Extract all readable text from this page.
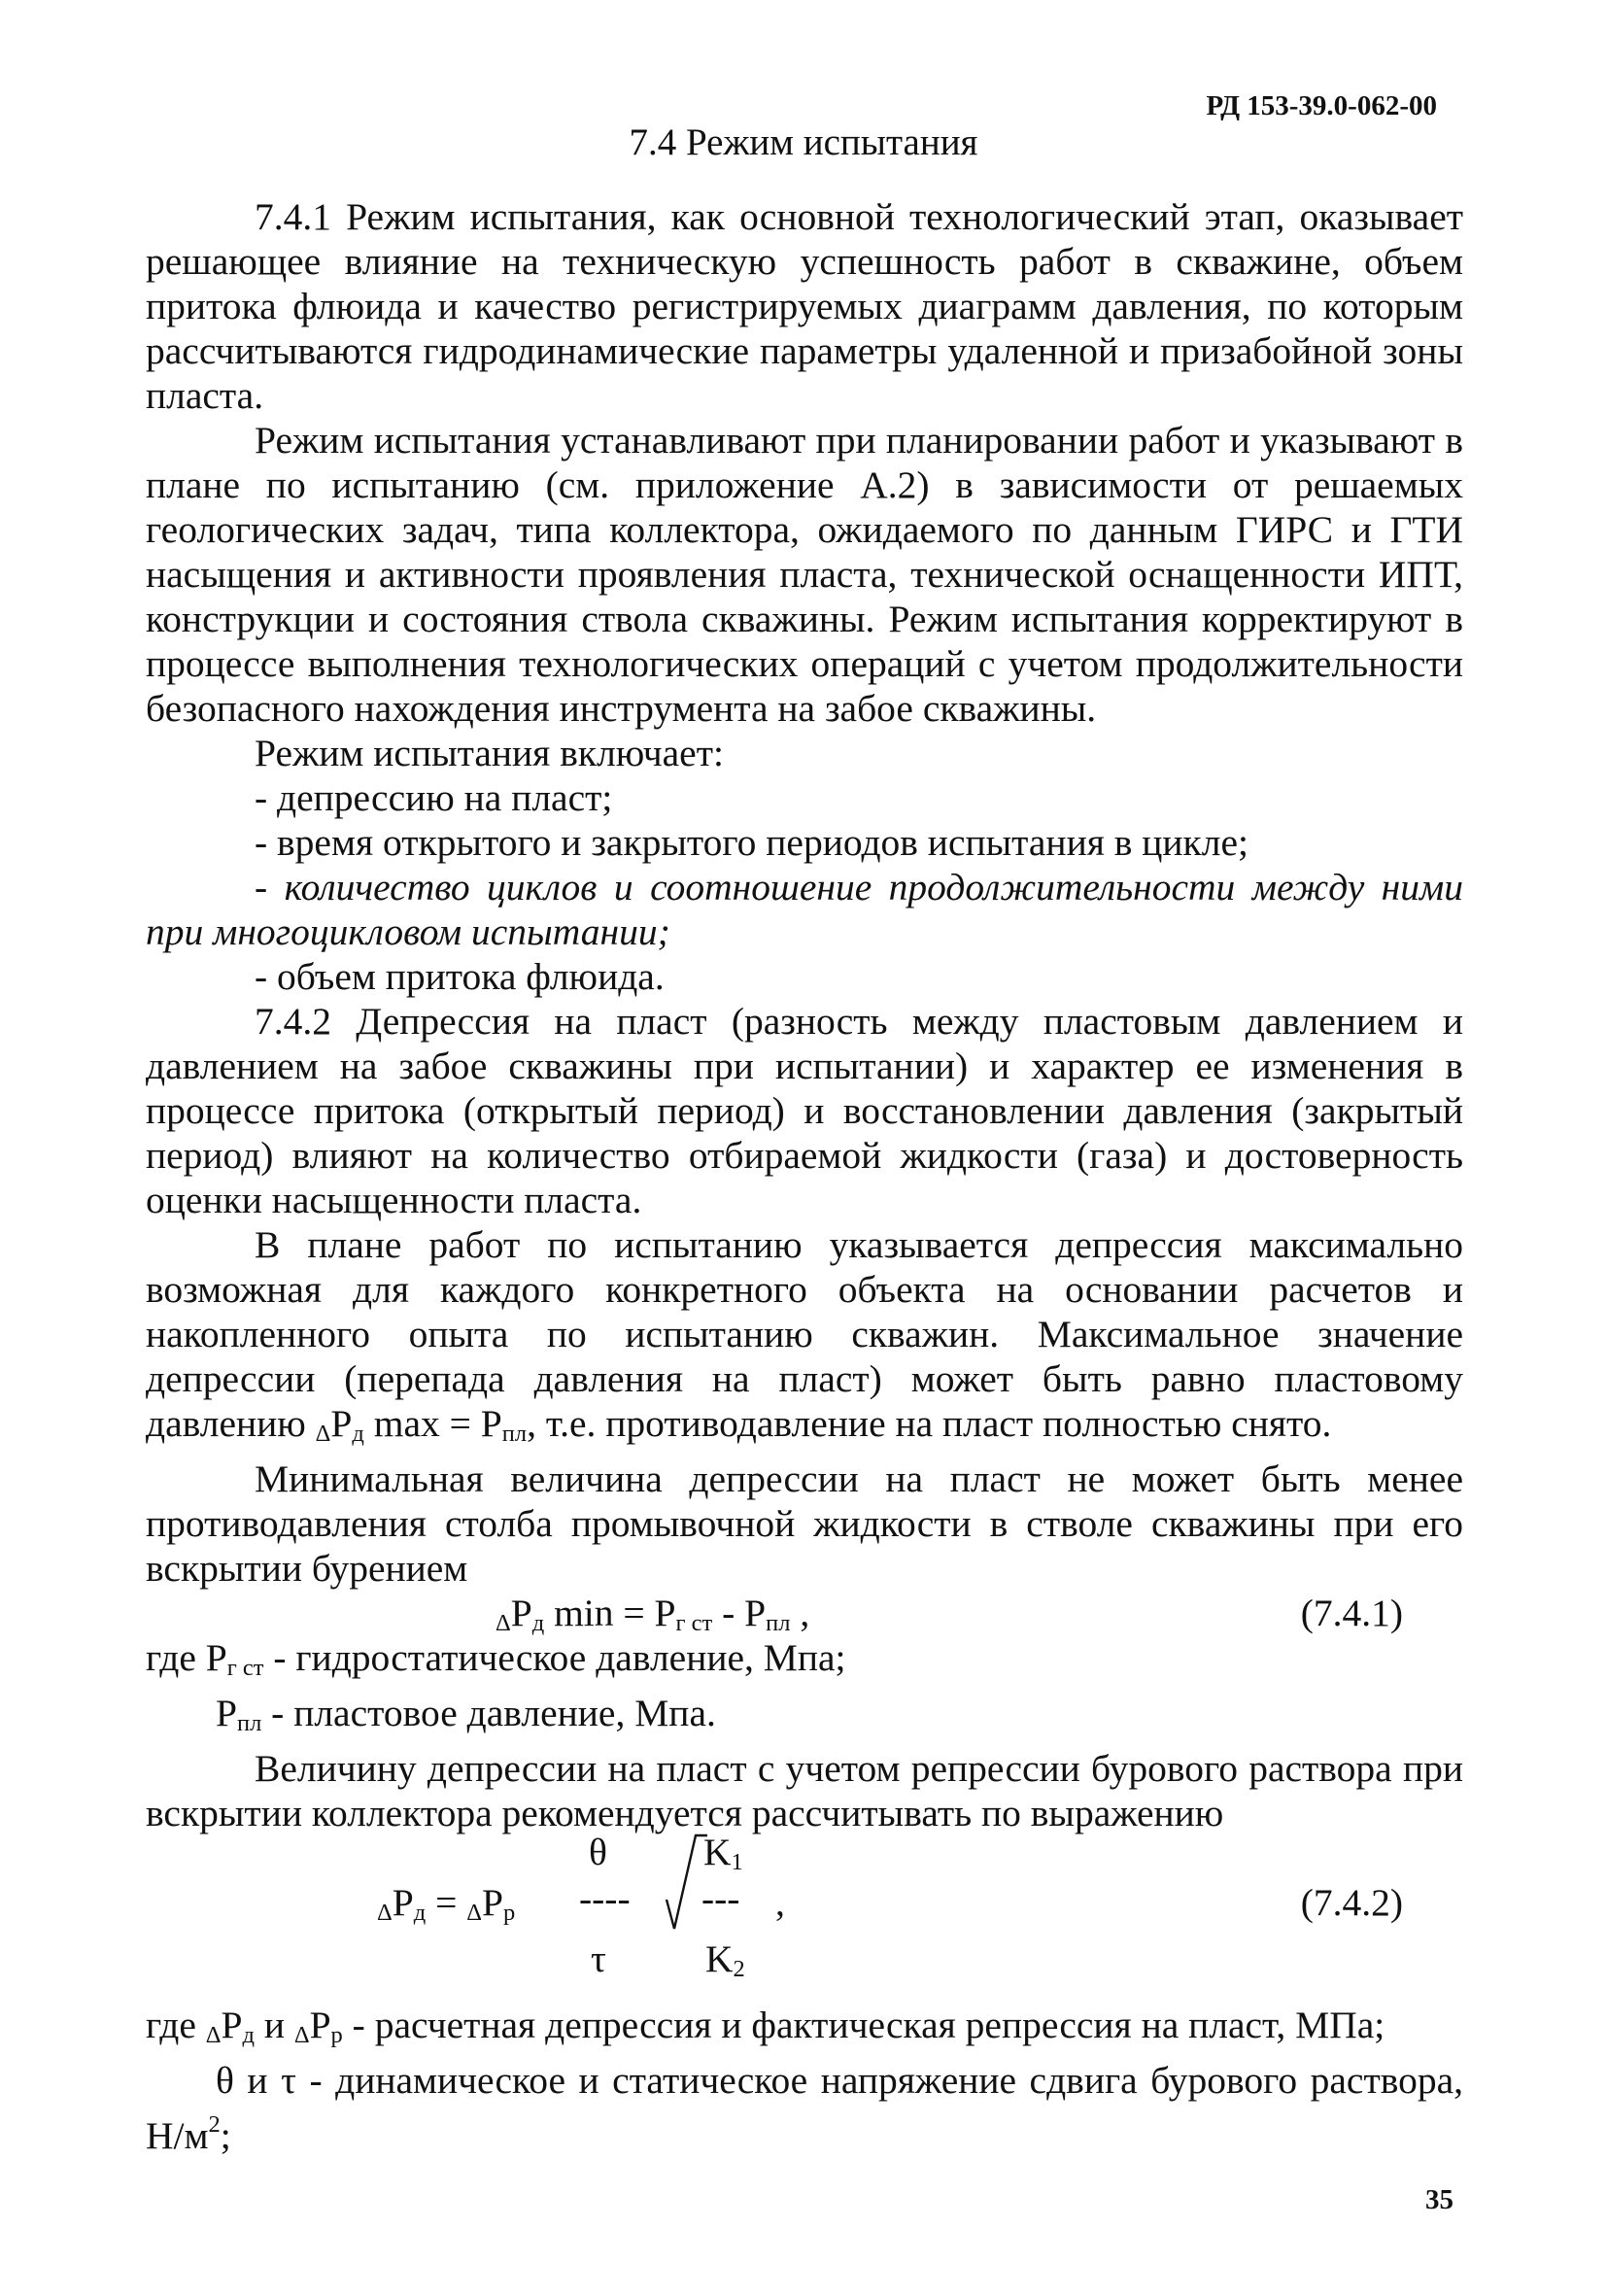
РД 153-39.0-062-00
7.4 Режим испытания

7.4.1 Режим испытания, как основной технологический этап, оказывает решающее влияние на техническую успешность работ в скважине, объем притока флюида и качество регистрируемых диаграмм давления, по которым рассчитываются гидродинамические параметры удаленной и призабойной зоны пласта.

Режим испытания устанавливают при планировании работ и указывают в плане по испытанию (см. приложение А.2) в зависимости от решаемых геологических задач, типа коллектора, ожидаемого по данным ГИРС и ГТИ насыщения и активности проявления пласта, технической оснащенности ИПТ, конструкции и состояния ствола скважины. Режим испытания корректируют в процессе выполнения технологических операций с учетом продолжительности безопасного нахождения инструмента на забое скважины.

Режим испытания включает:

- депрессию на пласт;

- время открытого и закрытого периодов испытания в цикле;

- количество циклов и соотношение продолжительности между ними при многоцикловом испытании;

- объем притока флюида.

7.4.2 Депрессия на пласт (разность между пластовым давлением и давлением на забое скважины при испытании) и характер ее изменения в процессе притока (открытый период) и восстановлении давления (закрытый период) влияют на количество отбираемой жидкости (газа) и достоверность оценки насыщенности пласта.

В плане работ по испытанию указывается депрессия максимально возможная для каждого конкретного объекта на основании расчетов и накопленного опыта по испытанию скважин. Максимальное значение депрессии (перепада давления на пласт) может быть равно пластовому давлению $\Delta Р_д$ $\max = Р_{пл}$, т.е. противодавление на пласт полностью снято.

Минимальная величина депрессии на пласт не может быть менее противодавления столба промывочной жидкости в стволе скважины при его вскрытии бурением

$\Delta Р_д$ $\min = Р_{г ст} - Р_{пл}$ ,	(7.4.1)

где $Р_{г ст}$ - гидростатическое давление, Мпа;

$Р_{пл}$ - пластовое давление, Мпа.

Величину депрессии на пласт с учетом репрессии бурового раствора при вскрытии коллектора рекомендуется рассчитывать по выражению

θ	$K_1$
$\Delta Р_д = \Delta Р_р$ ---- --- ,	(7.4.2)
τ	$K_2$

где $\Delta Р_д$ и $\Delta Р_р$ - расчетная депрессия и фактическая репрессия на пласт, МПа;

θ и τ - динамическое и статическое напряжение сдвига бурового раствора, $Н/м^2$;

35
